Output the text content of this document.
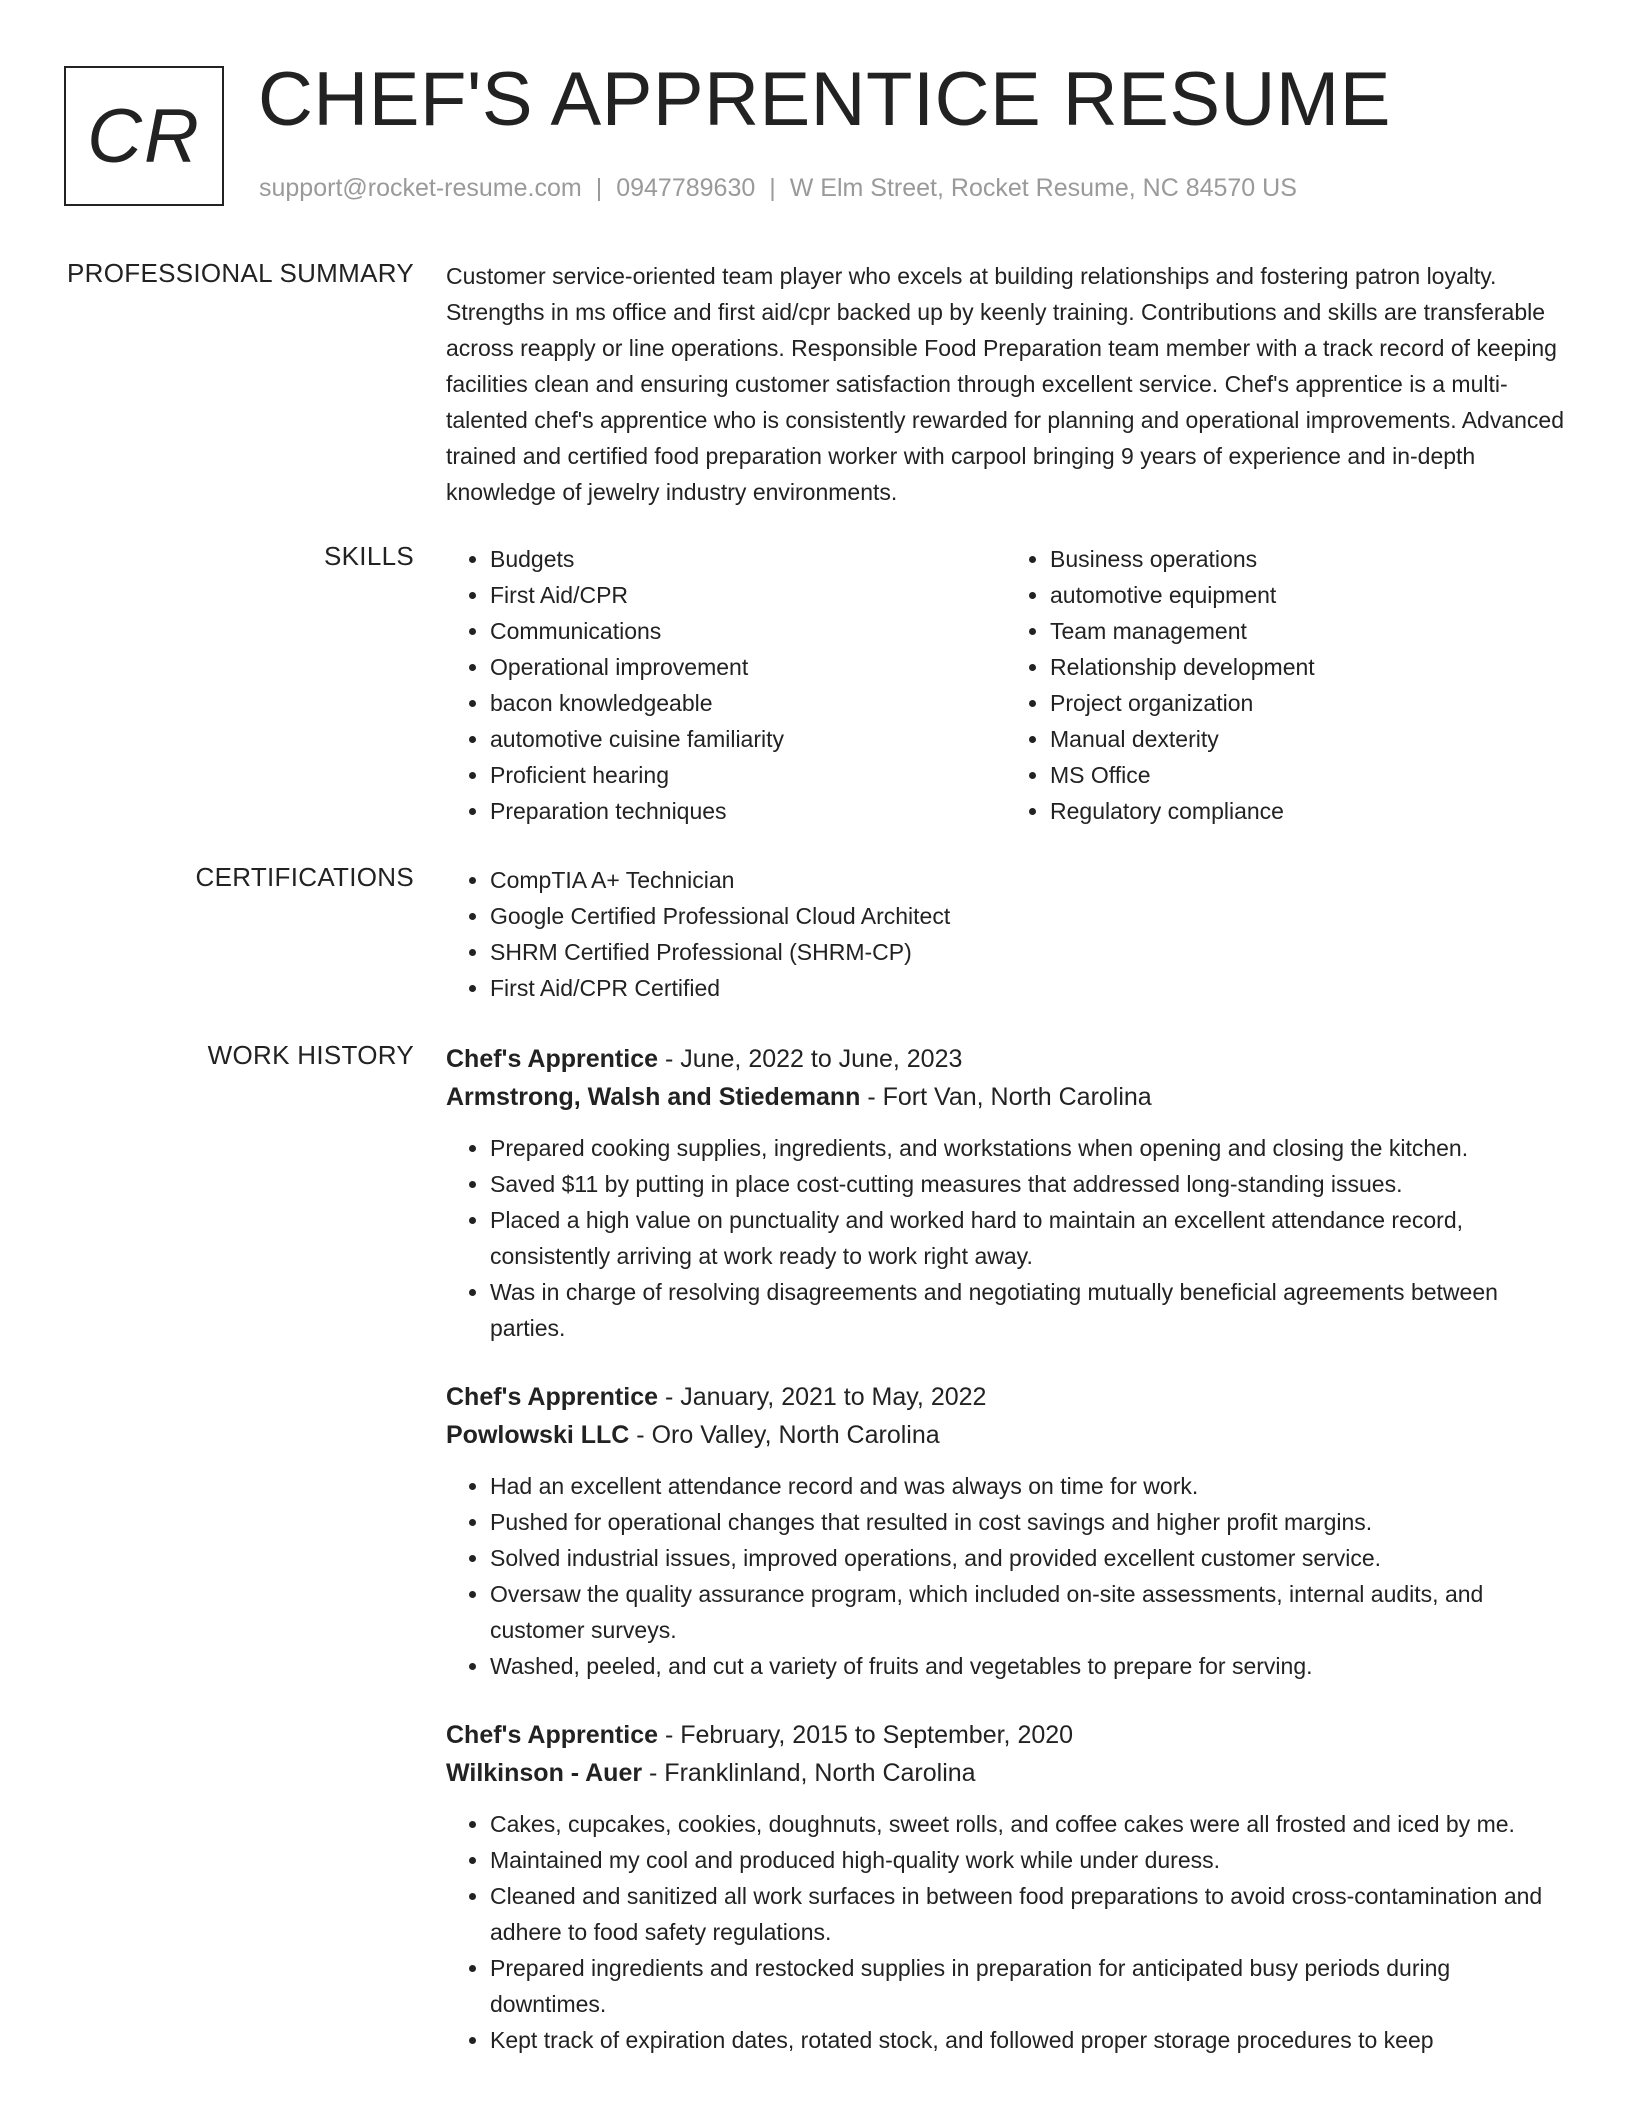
CR CHEF'S APPRENTICE RESUME
support@rocket-resume.com | 0947789630 | W Elm Street, Rocket Resume, NC 84570 US
PROFESSIONAL SUMMARY Customer service-oriented team player who excels at building relationships and fostering patron loyalty. Strengths in ms office and first aid/cpr backed up by keenly training. Contributions and skills are transferable across reapply or line operations. Responsible Food Preparation team member with a track record of keeping facilities clean and ensuring customer satisfaction through excellent service. Chef's apprentice is a multi-talented chef's apprentice who is consistently rewarded for planning and operational improvements. Advanced trained and certified food preparation worker with carpool bringing 9 years of experience and in-depth knowledge of jewelry industry environments.

SKILLS	• Budgets
• First Aid/CPR
• Communications
• Operational improvement
• bacon knowledgeable
• automotive cuisine familiarity
• Proficient hearing
• Preparation techniques
• Business operations
• automotive equipment
• Team management
• Relationship development
• Project organization
• Manual dexterity
• MS Office
• Regulatory compliance
CERTIFICATIONS	• CompTIA A+ Technician
• Google Certified Professional Cloud Architect
• SHRM Certified Professional (SHRM-CP)
• First Aid/CPR Certified
WORK HISTORY Chef's Apprentice - June, 2022 to June, 2023
Armstrong, Walsh and Stiedemann - Fort Van, North Carolina
• Prepared cooking supplies, ingredients, and workstations when opening and closing the kitchen.
• Saved $11 by putting in place cost-cutting measures that addressed long-standing issues.
• Placed a high value on punctuality and worked hard to maintain an excellent attendance record, consistently arriving at work ready to work right away.
• Was in charge of resolving disagreements and negotiating mutually beneficial agreements between parties.
Chef's Apprentice - January, 2021 to May, 2022
Powlowski LLC - Oro Valley, North Carolina
• Had an excellent attendance record and was always on time for work.
• Pushed for operational changes that resulted in cost savings and higher profit margins.
• Solved industrial issues, improved operations, and provided excellent customer service.
• Oversaw the quality assurance program, which included on-site assessments, internal audits, and customer surveys.
• Washed, peeled, and cut a variety of fruits and vegetables to prepare for serving.
Chef's Apprentice - February, 2015 to September, 2020
Wilkinson - Auer - Franklinland, North Carolina
• Cakes, cupcakes, cookies, doughnuts, sweet rolls, and coffee cakes were all frosted and iced by me.
• Maintained my cool and produced high-quality work while under duress.
• Cleaned and sanitized all work surfaces in between food preparations to avoid cross-contamination and adhere to food safety regulations.
• Prepared ingredients and restocked supplies in preparation for anticipated busy periods during downtimes.
• Kept track of expiration dates, rotated stock, and followed proper storage procedures to keep
